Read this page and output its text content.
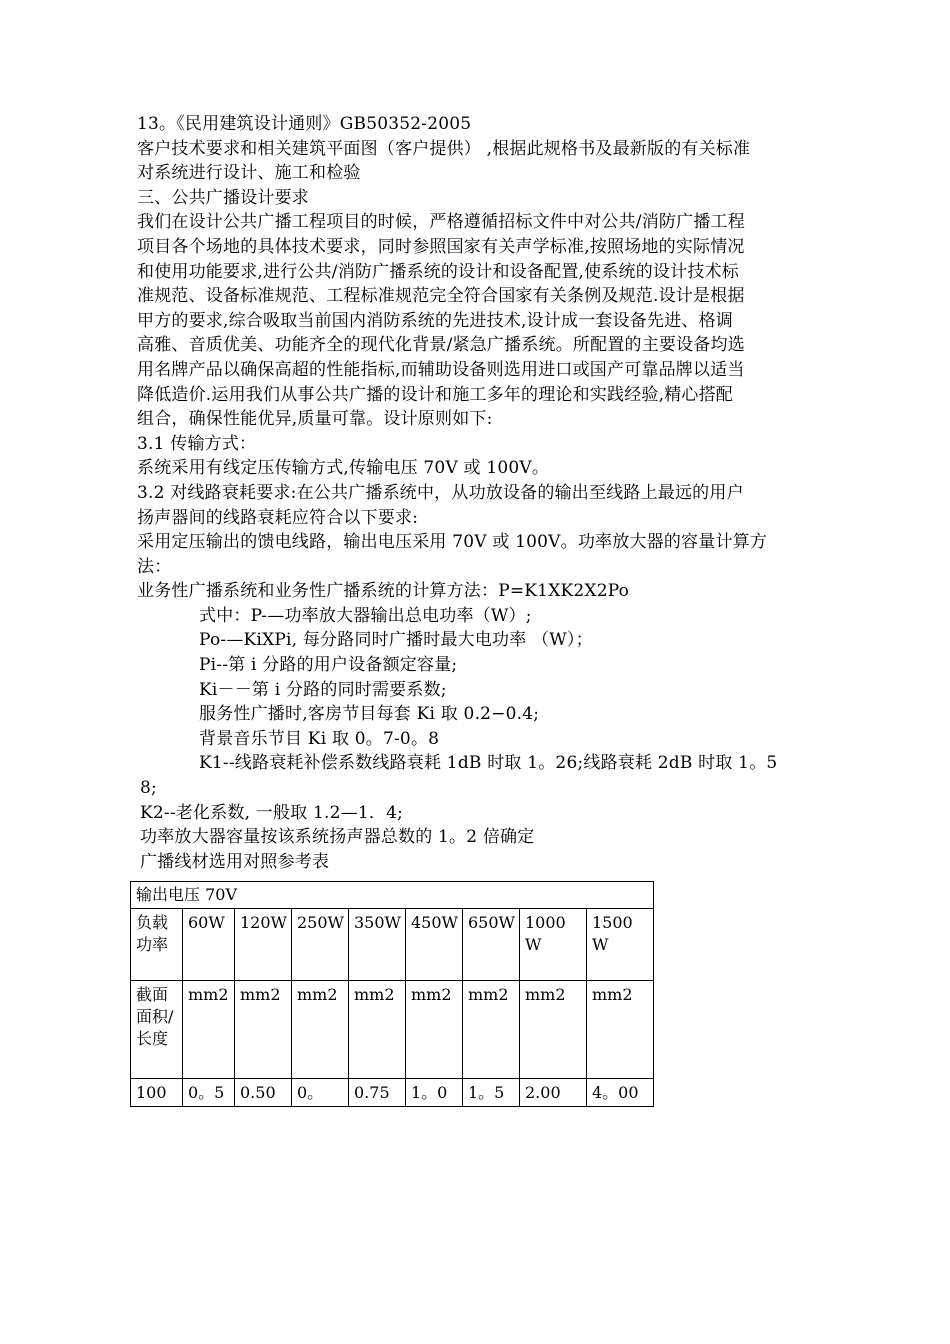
13。《民用建筑设计通则》GB50352-2005
客户技术要求和相关建筑平面图（客户提供） ,根据此规格书及最新版的有关标准
对系统进行设计、施工和检验
三、公共广播设计要求
我们在设计公共广播工程项目的时候，严格遵循招标文件中对公共/消防广播工程
项目各个场地的具体技术要求，同时参照国家有关声学标准,按照场地的实际情况
和使用功能要求,进行公共/消防广播系统的设计和设备配置,使系统的设计技术标
准规范、设备标准规范、工程标准规范完全符合国家有关条例及规范.设计是根据
甲方的要求,综合吸取当前国内消防系统的先进技术,设计成一套设备先进、格调
高雅、音质优美、功能齐全的现代化背景/紧急广播系统。所配置的主要设备均选
用名牌产品以确保高超的性能指标,而辅助设备则选用进口或国产可靠品牌以适当
降低造价.运用我们从事公共广播的设计和施工多年的理论和实践经验,精心搭配
组合，确保性能优异,质量可靠。设计原则如下:
3.1 传输方式：
系统采用有线定压传输方式,传输电压 70V 或 100V。
3.2 对线路衰耗要求:在公共广播系统中，从功放设备的输出至线路上最远的用户
扬声器间的线路衰耗应符合以下要求:
采用定压输出的馈电线路，输出电压采用 70V 或 100V。功率放大器的容量计算方
法：
业务性广播系统和业务性广播系统的计算方法：P=K1XK2X2Po
式中：P-—功率放大器输出总电功率（W）;
Po-—KiXPi, 每分路同时广播时最大电功率 （W）；
Pi--第 i 分路的用户设备额定容量;
Ki－－第 i 分路的同时需要系数;
服务性广播时,客房节目每套 Ki 取 0.2−0.4;
背景音乐节目 Ki 取 0。7-0。8
K1--线路衰耗补偿系数线路衰耗 1dB 时取 1。26;线路衰耗 2dB 时取 1。5
8;
K2--老化系数, 一般取 1.2—1．4;
功率放大器容量按该系统扬声器总数的 1。2 倍确定
广播线材选用对照参考表
输出电压 70V								
负载功率	60W	120W	250W	350W	450W	650W	1000W	1500W
截面面积/长度	mm2	mm2	mm2	mm2	mm2	mm2	mm2	mm2
100	0。5	0.50	0。	0.75	1。0	1。5	2.00	4。00
